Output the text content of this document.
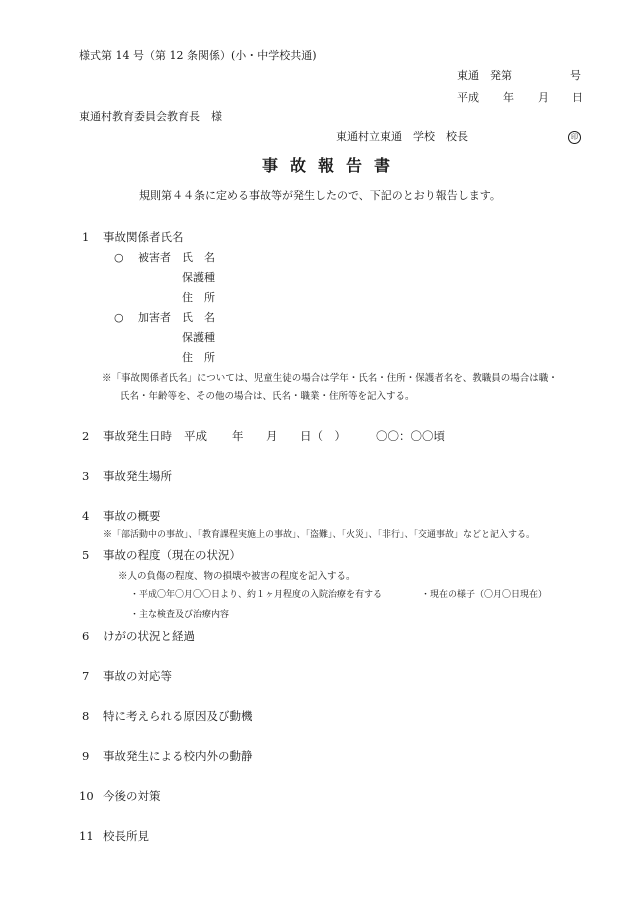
様式第 14 号（第 12 条関係）(小・中学校共通)
東通　発第	号
平成 年 月 日
東通村教育委員会教育長　様
東通村立東通　学校　校長	印
事故報告書
規則第４４条に定める事故等が発生したので、下記のとおり報告します。
1 事故関係者氏名
○ 被害者 氏　名
保護種
住　所
○ 加害者 氏　名
保護種
住　所
※「事故関係者氏名」については、児童生徒の場合は学年・氏名・住所・保護者名を、教職員の場合は職・
氏名・年齢等を、その他の場合は、氏名・職業・住所等を記入する。
2 事故発生日時 平成 年 月 日（　）	〇〇：〇〇頃
3 事故発生場所
4 事故の概要
※「部活動中の事故」、「教育課程実施上の事故」、「盗難」、「火災」、「非行」、「交通事故」などと記入する。
5 事故の程度（現在の状況）
※人の負傷の程度、物の損壊や被害の程度を記入する。
・平成〇年〇月〇〇日より、約１ヶ月程度の入院治療を有する	・現在の様子（〇月〇日現在）
・主な検査及び治療内容
6 けがの状況と経過
7 事故の対応等
8 特に考えられる原因及び動機
9 事故発生による校内外の動静
10 今後の対策
11 校長所見
